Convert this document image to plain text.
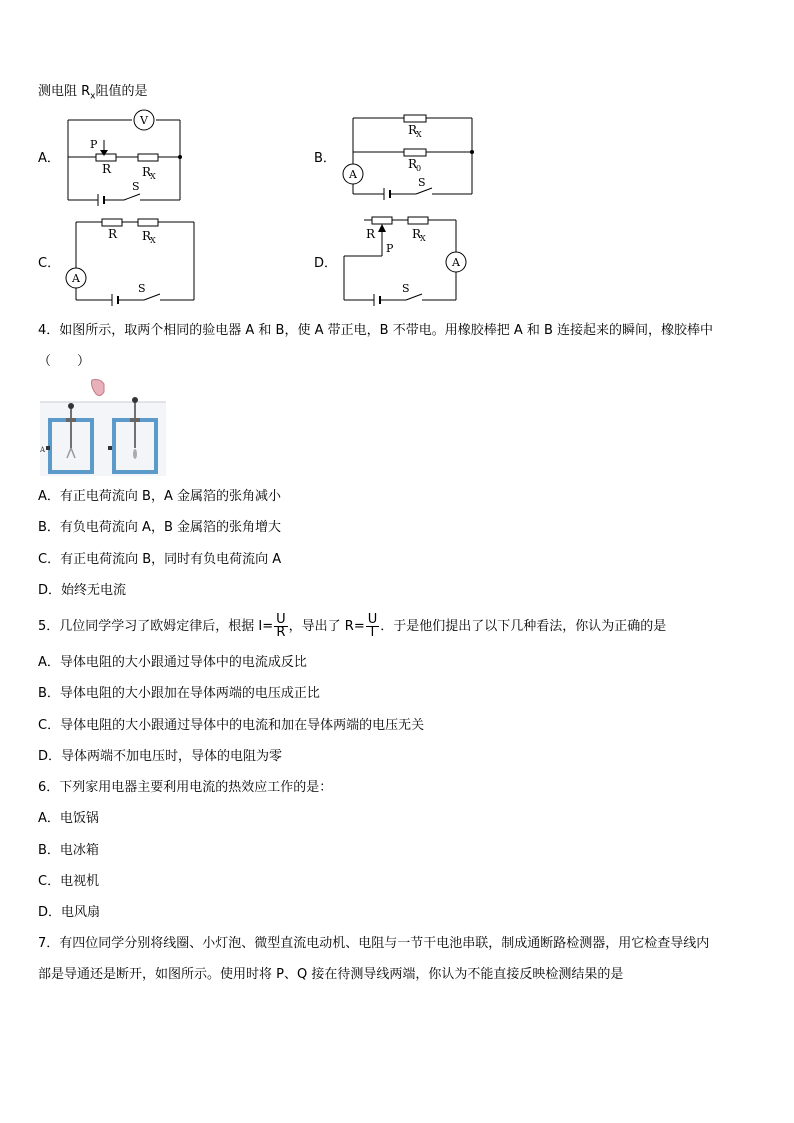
测电阻 $R_x$阻值的是
A．
V
P
R	R
X
S
B．
A
R
X
R
0
S
C．
A
R R
X
S
D．	A
R
P
R
X
S
4．如图所示，取两个相同的验电器 A 和 B，使 A 带正电，B 不带电。用橡胶棒把 A 和 B 连接起来的瞬间，橡胶棒中
（　　）
A
A．有正电荷流向 B，A 金属箔的张角减小
B．有负电荷流向 A，B 金属箔的张角增大
C．有正电荷流向 B，同时有负电荷流向 A
D．始终无电流
5．几位同学学习了欧姆定律后，根据 $I= \frac{U}{R}$ ，导出了 $R= \frac{U}{I}$ ．于是他们提出了以下几种看法，你认为正确的是
A．导体电阻的大小跟通过导体中的电流成反比
B．导体电阻的大小跟加在导体两端的电压成正比
C．导体电阻的大小跟通过导体中的电流和加在导体两端的电压无关
D．导体两端不加电压时，导体的电阻为零
6．下列家用电器主要利用电流的热效应工作的是：
A．电饭锅
B．电冰箱
C．电视机
D．电风扇
7．有四位同学分别将线圈、小灯泡、微型直流电动机、电阻与一节干电池串联，制成通断路检测器，用它检查导线内
部是导通还是断开，如图所示。使用时将 P、Q 接在待测导线两端，你认为不能直接反映检测结果的是
